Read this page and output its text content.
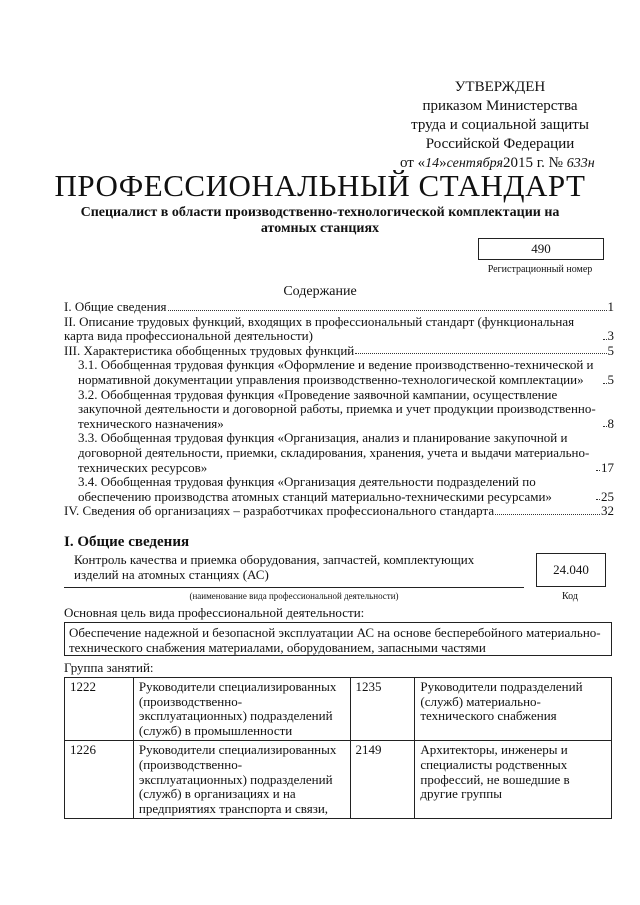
УТВЕРЖДЕН
приказом Министерства
труда и социальной защиты
Российской Федерации
от «14»сентября2015 г. № 633н
ПРОФЕССИОНАЛЬНЫЙ СТАНДАРТ
Специалист в области производственно-технологической комплектации на атомных станциях
490
Регистрационный номер
Содержание
I. Общие сведения	1
II. Описание трудовых функций, входящих в профессиональный стандарт (функциональная карта вида профессиональной деятельности)	3
III. Характеристика обобщенных трудовых функций	5
3.1. Обобщенная трудовая функция «Оформление и ведение производственно-технической и нормативной документации управления производственно-технологической комплектации»	5
3.2. Обобщенная трудовая функция «Проведение заявочной кампании, осуществление закупочной деятельности и договорной работы, приемка и учет продукции производственно-технического назначения»	8
3.3. Обобщенная трудовая функция «Организация, анализ и планирование закупочной и договорной деятельности, приемки, складирования, хранения, учета и выдачи материально-технических ресурсов»	17
3.4. Обобщенная трудовая функция «Организация деятельности подразделений по обеспечению производства атомных станций материально-техническими ресурсами»	25
IV. Сведения об организациях – разработчиках профессионального стандарта	32
I. Общие сведения
Контроль качества и приемка оборудования, запчастей, комплектующих изделий на атомных станциях (АС)	24.040
(наименование вида профессиональной деятельности)	Код
Основная цель вида профессиональной деятельности:
Обеспечение надежной и безопасной эксплуатации АС на основе бесперебойного материально-технического снабжения материалами, оборудованием, запасными частями
Группа занятий:
1222	Руководители специализированных (производственно-эксплуатационных) подразделений (служб) в промышленности	1235	Руководители подразделений (служб) материально-технического снабжения
1226	Руководители специализированных (производственно-эксплуатационных) подразделений (служб) в организациях и на предприятиях транспорта и связи,	2149	Архитекторы, инженеры и специалисты родственных профессий, не вошедшие в другие группы
